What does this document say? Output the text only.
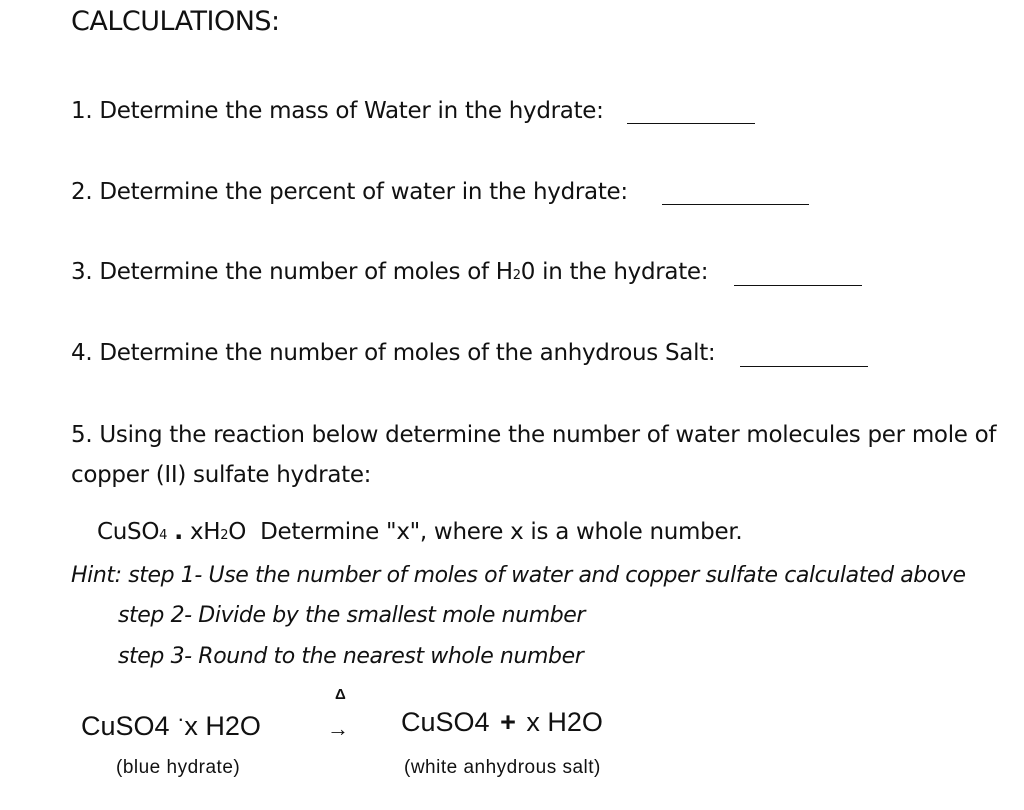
CALCULATIONS:
1. Determine the mass of Water in the hydrate:
2. Determine the percent of water in the hydrate:
3. Determine the number of moles of H20 in the hydrate:
4. Determine the number of moles of the anhydrous Salt:
5. Using the reaction below determine the number of water molecules per mole of copper (II) sulfate hydrate:
CuSO4 . xH2O Determine "x", where x is a whole number.
Hint: step 1- Use the number of moles of water and copper sulfate calculated above
step 2- Divide by the smallest mole number
step 3- Round to the nearest whole number
CuSO4 ·x H2O
Δ
→ CuSO4 + x H2O
(blue hydrate)	(white anhydrous salt)
